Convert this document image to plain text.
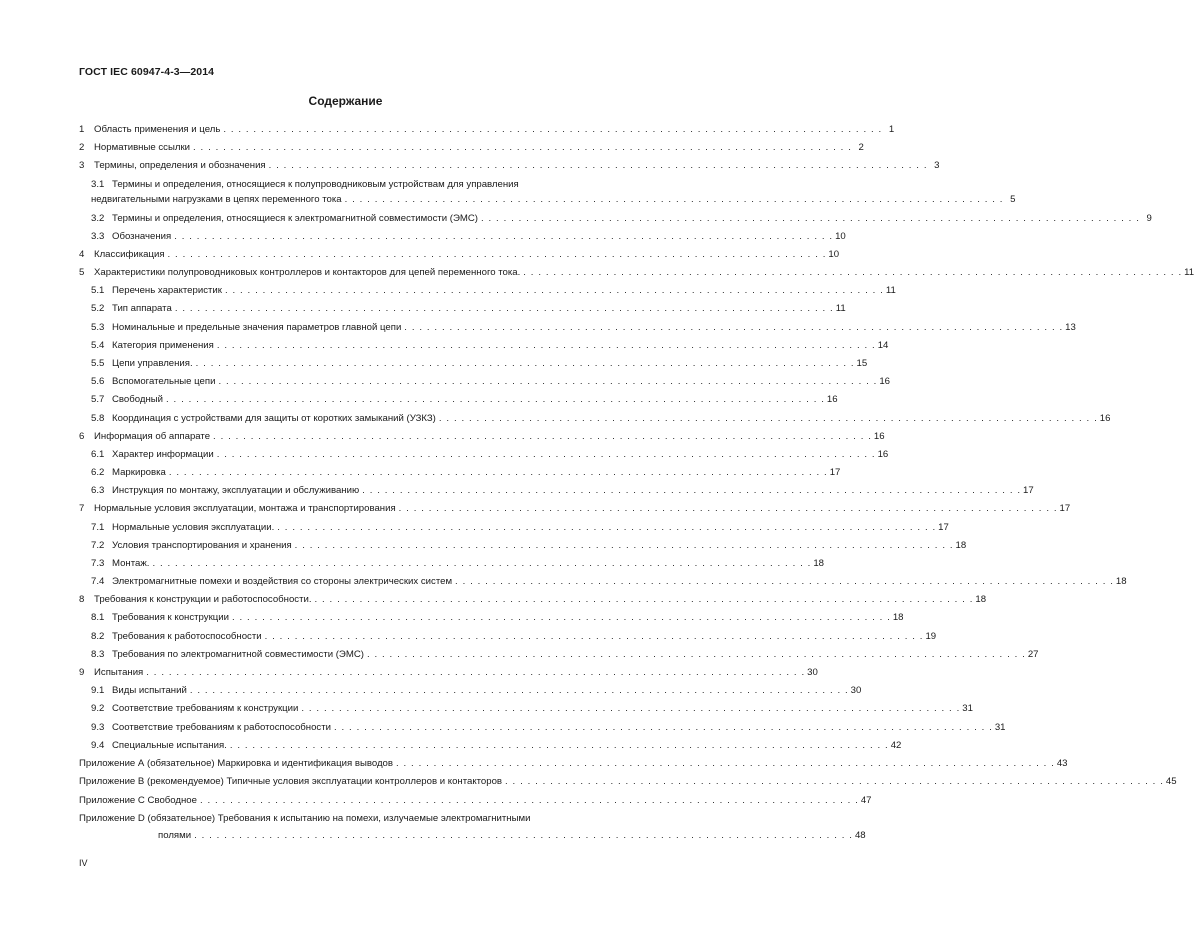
ГОСТ IEC 60947-4-3—2014
Содержание
1	Область применения и цель . . .	1
2	Нормативные ссылки . . .	2
3	Термины, определения и обозначения . . .	3
3.1 Термины и определения, относящиеся к полупроводниковым устройствам для управления
недвигательными нагрузками в цепях переменного тока . . .	5
3.2 Термины и определения, относящиеся к электромагнитной совместимости (ЭМС) . . .	9
3.3 Обозначения . . .	10
4	Классификация . . .	10
5	Характеристики полупроводниковых контроллеров и контакторов для цепей переменного тока. . . .	11
5.1 Перечень характеристик . . .	11
5.2 Тип аппарата . . .	11
5.3 Номинальные и предельные значения параметров главной цепи . . .	13
5.4 Категория применения . . .	14
5.5 Цепи управления. . . .	15
5.6 Вспомогательные цепи . . .	16
5.7 Свободный . . .	16
5.8 Координация с устройствами для защиты от коротких замыканий (УЗКЗ) . . .	16
6	Информация об аппарате . . .	16
6.1 Характер информации . . .	16
6.2 Маркировка . . .	17
6.3 Инструкция по монтажу, эксплуатации и обслуживанию . . .	17
7	Нормальные условия эксплуатации, монтажа и транспортирования . . .	17
7.1 Нормальные условия эксплуатации. . . .	17
7.2 Условия транспортирования и хранения . . .	18
7.3 Монтаж. . . .	18
7.4 Электромагнитные помехи и воздействия со стороны электрических систем . . .	18
8	Требования к конструкции и работоспособности. . . .	18
8.1 Требования к конструкции . . .	18
8.2 Требования к работоспособности . . .	19
8.3 Требования по электромагнитной совместимости (ЭМС) . . .	27
9	Испытания . . .	30
9.1 Виды испытаний . . .	30
9.2 Соответствие требованиям к конструкции . . .	31
9.3 Соответствие требованиям к работоспособности . . .	31
9.4 Специальные испытания. . . .	42
Приложение А (обязательное) Маркировка и идентификация выводов . . .	43
Приложение В (рекомендуемое) Типичные условия эксплуатации контроллеров и контакторов . . .	45
Приложение С Свободное . . .	47
Приложение D (обязательное) Требования к испытанию на помехи, излучаемые электромагнитными
полями . . .	48
IV
